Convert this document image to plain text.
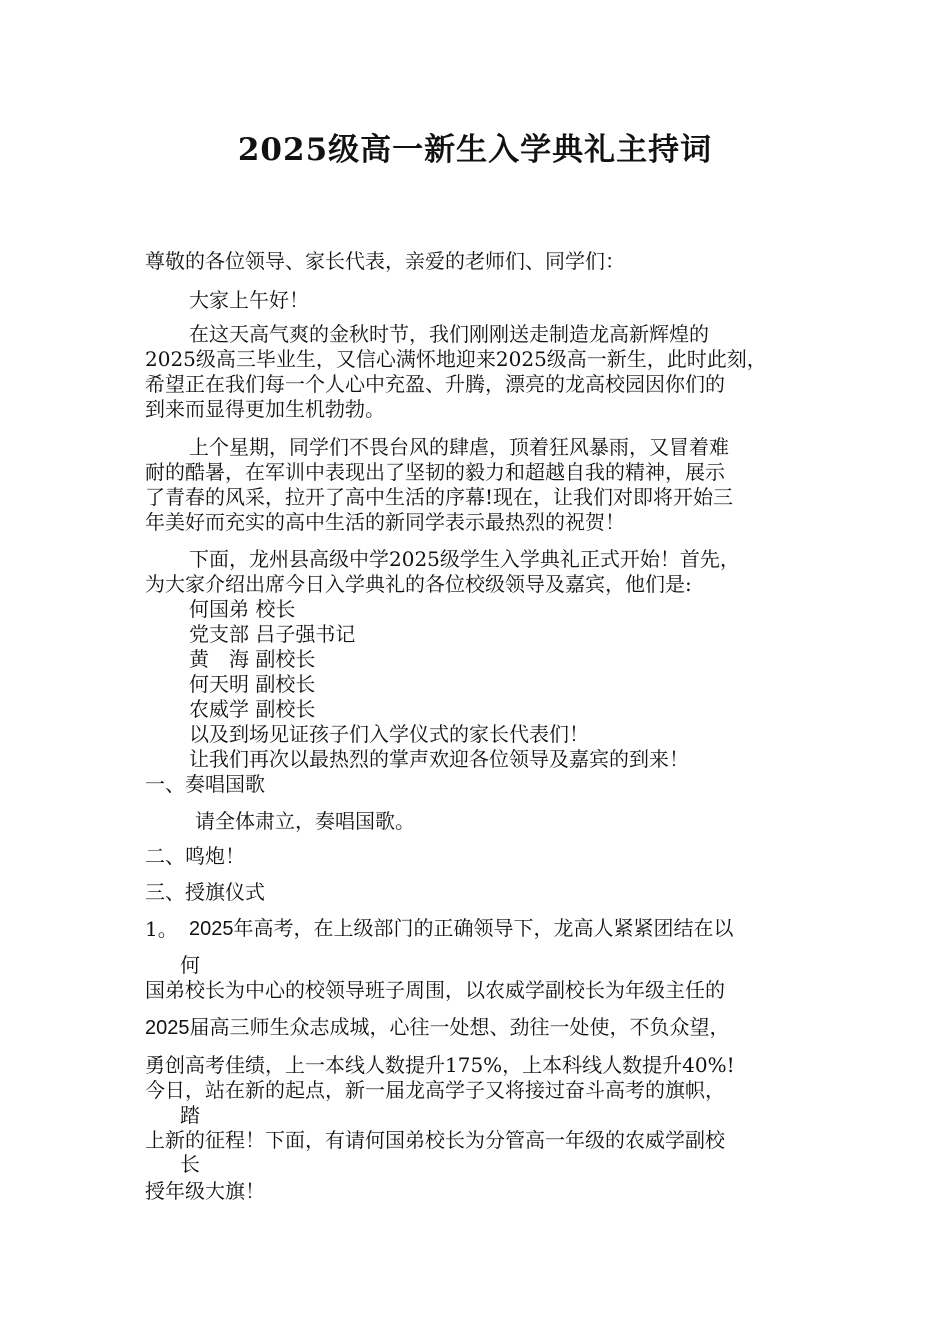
2025级高一新生入学典礼主持词
尊敬的各位领导、家长代表，亲爱的老师们、同学们：
大家上午好！
在这天高气爽的金秋时节，我们刚刚送走制造龙高新辉煌的
2025级高三毕业生，又信心满怀地迎来2025级高一新生，此时此刻，
希望正在我们每一个人心中充盈、升腾，漂亮的龙高校园因你们的
到来而显得更加生机勃勃。
上个星期，同学们不畏台风的肆虐，顶着狂风暴雨，又冒着难
耐的酷暑，在军训中表现出了坚韧的毅力和超越自我的精神，展示
了青春的风采，拉开了高中生活的序幕!现在，让我们对即将开始三
年美好而充实的高中生活的新同学表示最热烈的祝贺！
下面，龙州县高级中学2025级学生入学典礼正式开始！首先，
为大家介绍出席今日入学典礼的各位校级领导及嘉宾，他们是:
何国弟 校长
党支部 吕子强书记
黄　海 副校长
何天明 副校长
农威学 副校长
以及到场见证孩子们入学仪式的家长代表们！
让我们再次以最热烈的掌声欢迎各位领导及嘉宾的到来！
一、奏唱国歌
请全体肃立，奏唱国歌。
二、鸣炮！
三、授旗仪式
1。 2025年高考，在上级部门的正确领导下，龙高人紧紧团结在以
何
国弟校长为中心的校领导班子周围，以农威学副校长为年级主任的
2025届高三师生众志成城，心往一处想、劲往一处使，不负众望，
勇创高考佳绩，上一本线人数提升175%，上本科线人数提升40%!
今日，站在新的起点，新一届龙高学子又将接过奋斗高考的旗帜，
踏
上新的征程！下面，有请何国弟校长为分管高一年级的农威学副校
长
授年级大旗！
